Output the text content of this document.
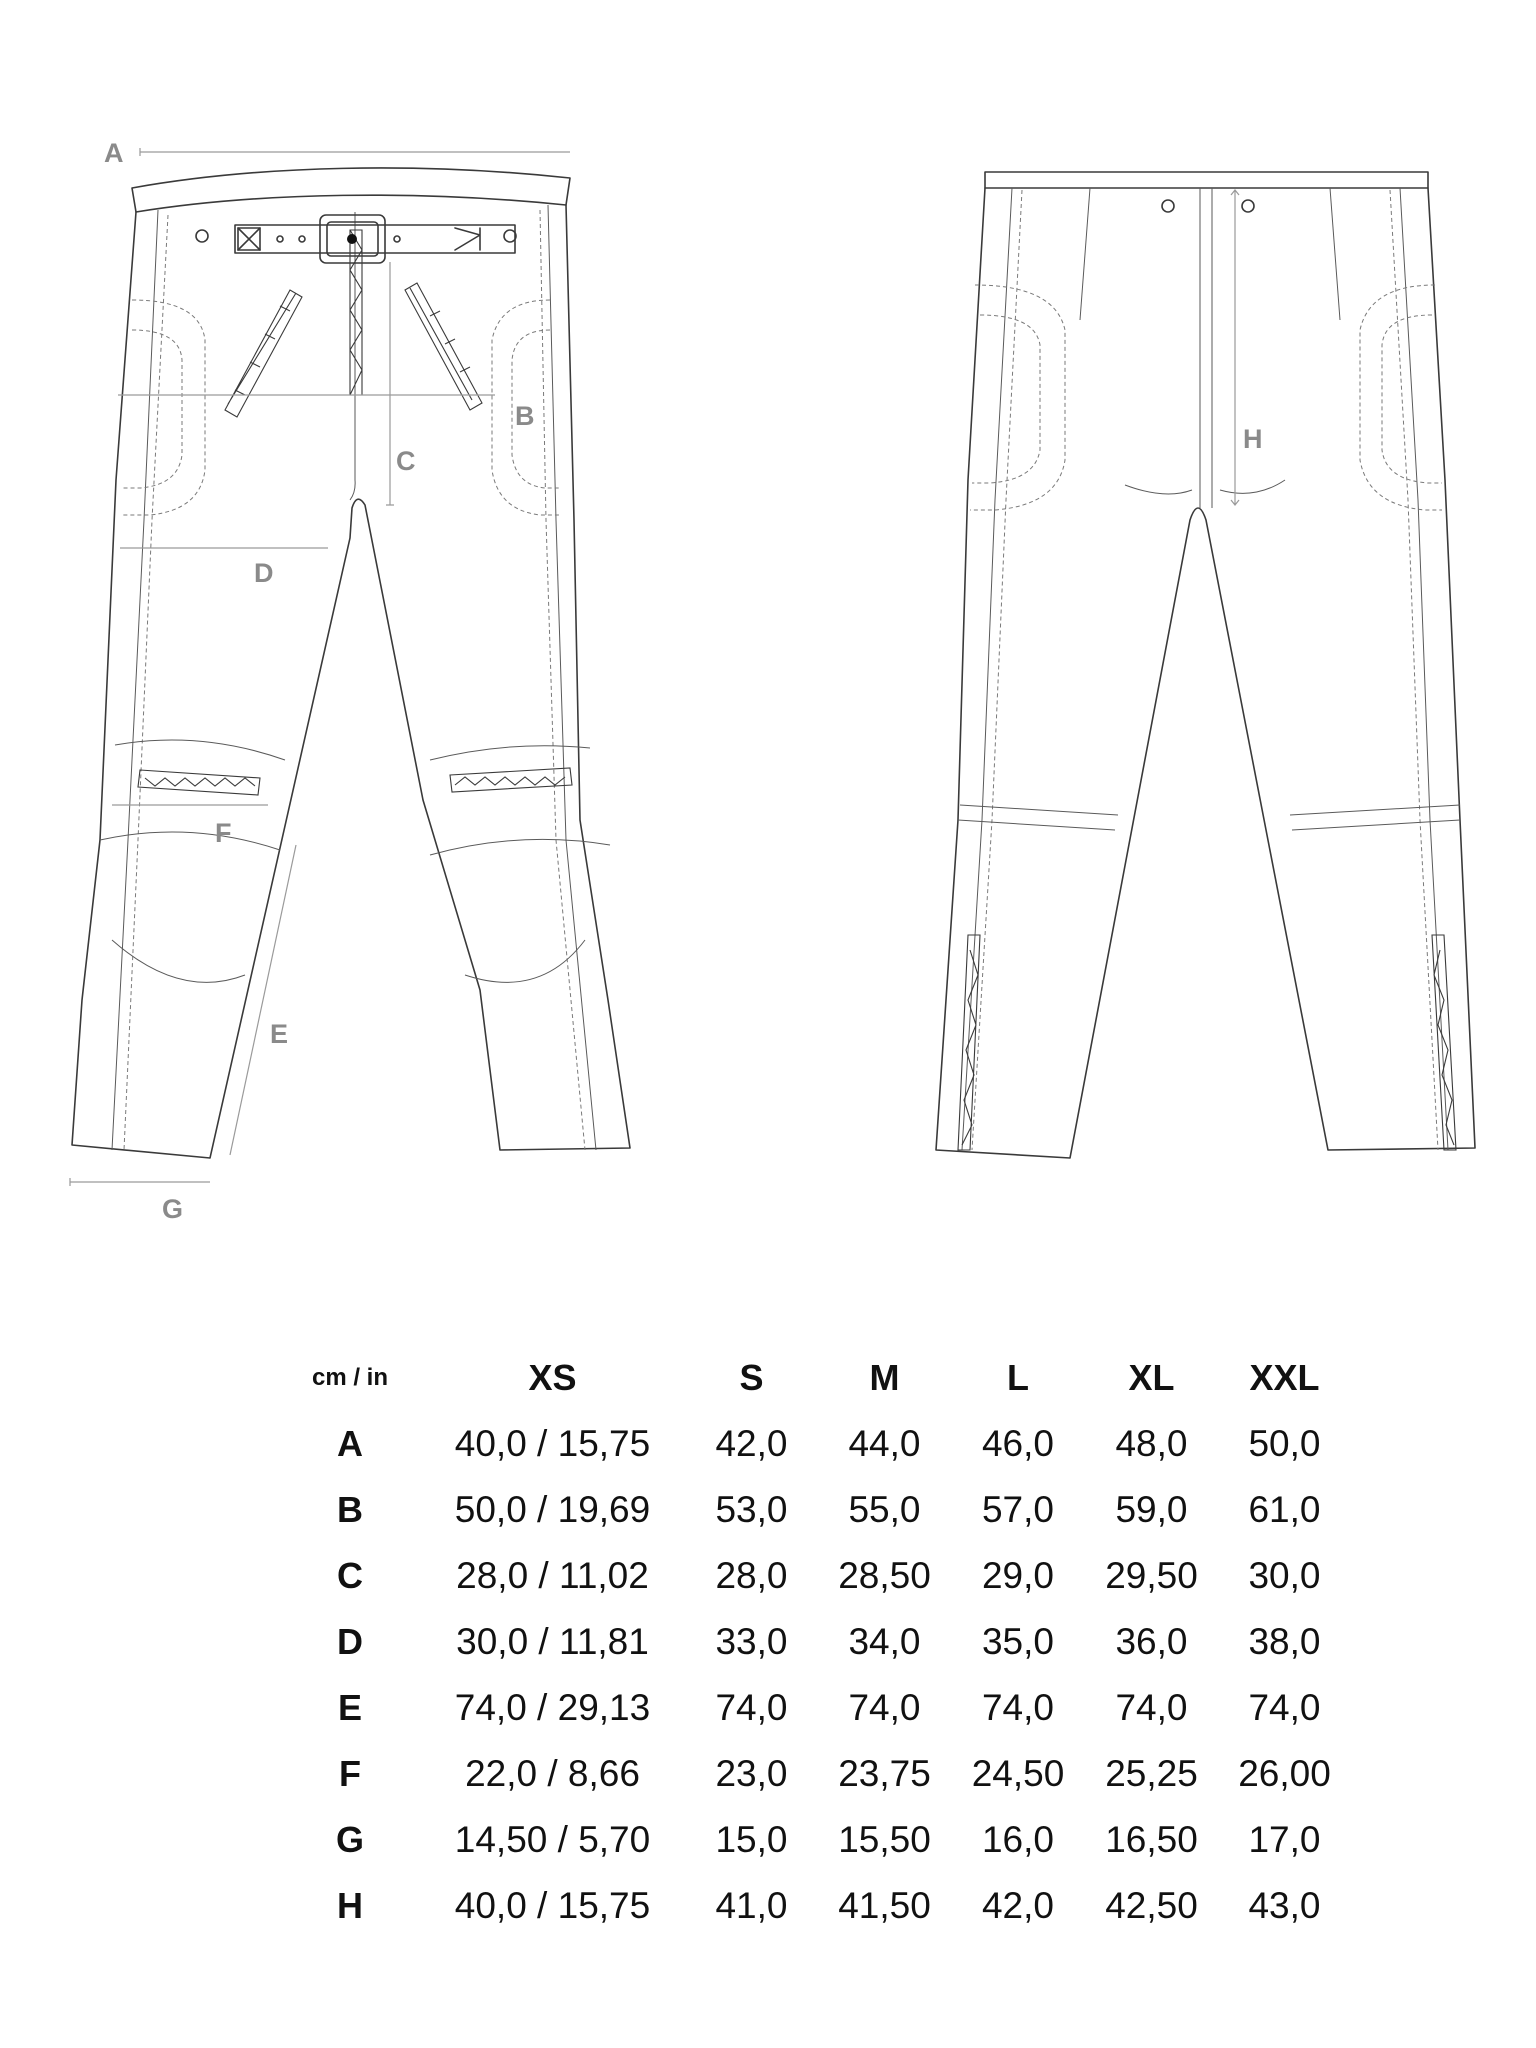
A
B
C
D
E
F
G
H
cm / in	XS	S	M	L	XL	XXL
A	40,0 / 15,75	42,0	44,0	46,0	48,0	50,0
B	50,0 / 19,69	53,0	55,0	57,0	59,0	61,0
C	28,0 / 11,02	28,0	28,50	29,0	29,50	30,0
D	30,0 / 11,81	33,0	34,0	35,0	36,0	38,0
E	74,0 / 29,13	74,0	74,0	74,0	74,0	74,0
F	22,0 / 8,66	23,0	23,75	24,50	25,25	26,00
G	14,50 / 5,70	15,0	15,50	16,0	16,50	17,0
H	40,0 / 15,75	41,0	41,50	42,0	42,50	43,0
